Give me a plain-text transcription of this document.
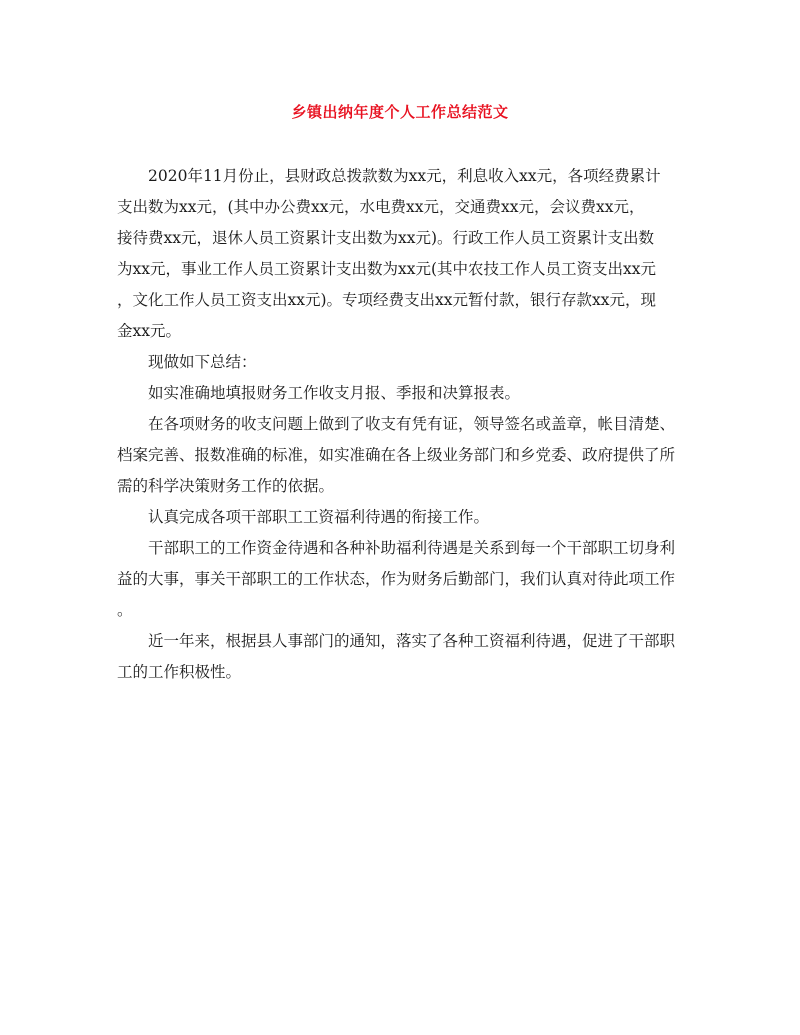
乡镇出纳年度个人工作总结范文
2020年11月份止，县财政总拨款数为xx元，利息收入xx元，各项经费累计
支出数为xx元，(其中办公费xx元，水电费xx元，交通费xx元，会议费xx元，
接待费xx元，退休人员工资累计支出数为xx元)。行政工作人员工资累计支出数
为xx元，事业工作人员工资累计支出数为xx元(其中农技工作人员工资支出xx元
，文化工作人员工资支出xx元)。专项经费支出xx元暂付款，银行存款xx元，现
金xx元。
现做如下总结：
如实准确地填报财务工作收支月报、季报和决算报表。
在各项财务的收支问题上做到了收支有凭有证，领导签名或盖章，帐目清楚、
档案完善、报数准确的标准，如实准确在各上级业务部门和乡党委、政府提供了所
需的科学决策财务工作的依据。
认真完成各项干部职工工资福利待遇的衔接工作。
干部职工的工作资金待遇和各种补助福利待遇是关系到每一个干部职工切身利
益的大事，事关干部职工的工作状态，作为财务后勤部门，我们认真对待此项工作
。
近一年来，根据县人事部门的通知，落实了各种工资福利待遇，促进了干部职
工的工作积极性。
